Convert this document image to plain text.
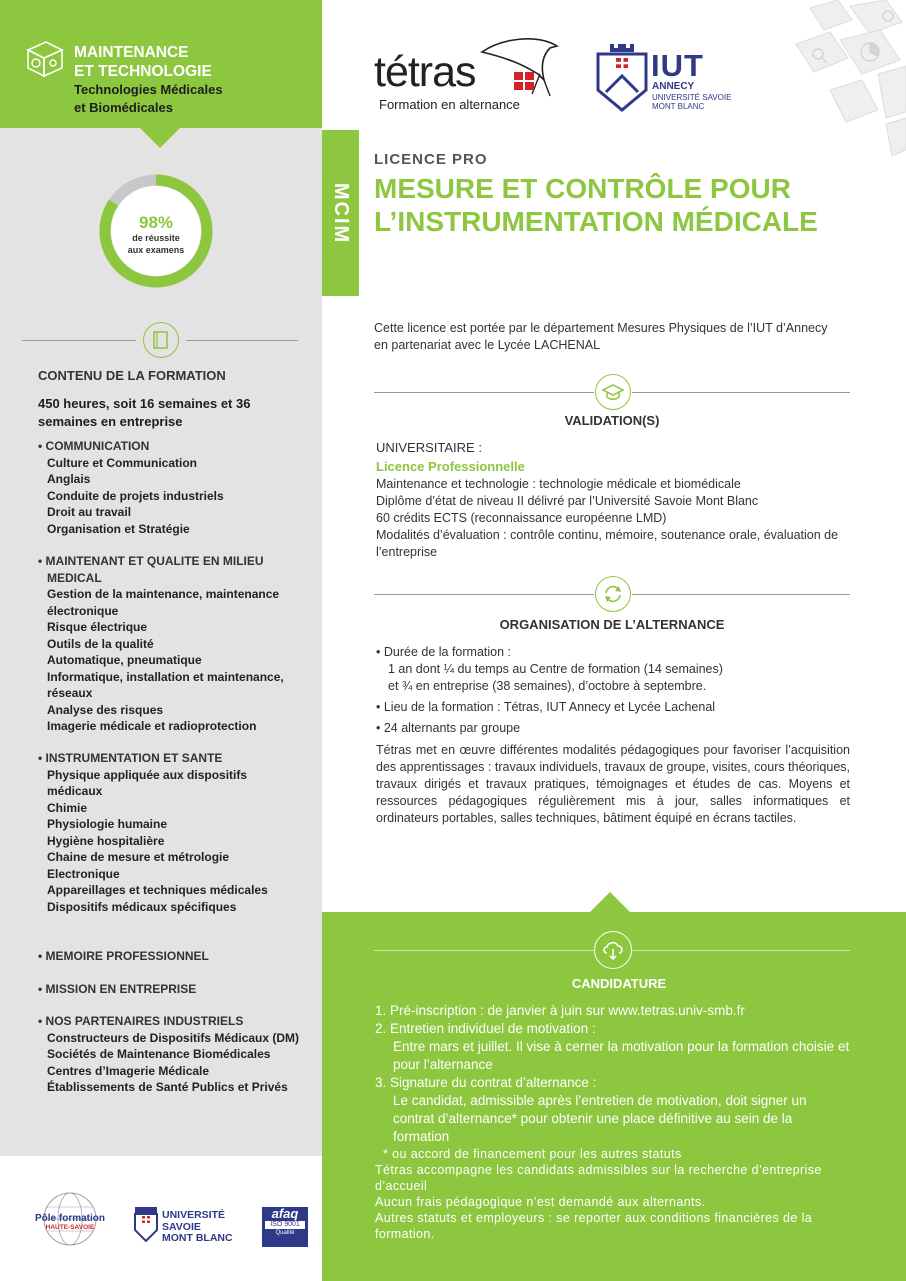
MAINTENANCE
ET TECHNOLOGIE
Technologies Médicales
et Biomédicales
98%
de réussite
aux examens
CONTENU DE LA FORMATION
450 heures, soit 16 semaines et 36 semaines en entreprise
• COMMUNICATION
Culture et Communication
Anglais
Conduite de projets industriels
Droit au travail
Organisation et Stratégie
• MAINTENANT ET QUALITE EN MILIEU MEDICAL
Gestion de la maintenance, maintenance électronique
Risque électrique
Outils de la qualité
Automatique, pneumatique
Informatique, installation et maintenance, réseaux
Analyse des risques
Imagerie médicale et radioprotection
• INSTRUMENTATION ET SANTE
Physique appliquée aux dispositifs médicaux
Chimie
Physiologie humaine
Hygiène hospitalière
Chaine de mesure et métrologie Electronique
Appareillages et techniques médicales
Dispositifs médicaux spécifiques
• MEMOIRE PROFESSIONNEL
• MISSION EN ENTREPRISE
• NOS PARTENAIRES INDUSTRIELS
Constructeurs de Dispositifs Médicaux (DM)
Sociétés de Maintenance Biomédicales
Centres d’Imagerie Médicale
Établissements de Santé Publics et Privés
Pôle formation
HAUTE-SAVOIE
UNIVERSITÉ
SAVOIE
MONT BLANC
afaq
ISO 9001
Qualité
tétras
Formation en alternance
IUT
ANNECY
UNIVERSITÉ SAVOIE
MONT BLANC
MCIM
LICENCE PRO
MESURE ET CONTRÔLE POUR L’INSTRUMENTATION MÉDICALE
Cette licence est portée par le département Mesures Physiques de l’IUT d’Annecy en partenariat avec le Lycée LACHENAL
VALIDATION(S)
UNIVERSITAIRE :
Licence Professionnelle
Maintenance et technologie : technologie médicale et biomédicale
Diplôme d’état de niveau II délivré par l’Université Savoie Mont Blanc
60 crédits ECTS (reconnaissance européenne LMD)
Modalités d’évaluation : contrôle continu, mémoire, soutenance orale, évaluation de l’entreprise
ORGANISATION DE L’ALTERNANCE
• Durée de la formation :
1 an dont ¼ du temps au Centre de formation (14 semaines)
et ¾ en entreprise (38 semaines), d’octobre à septembre.
• Lieu de la formation : Tétras, IUT Annecy et Lycée Lachenal
• 24 alternants par groupe
Tétras met en œuvre différentes modalités pédagogiques pour favoriser l’acquisition des apprentissages : travaux individuels, travaux de groupe, visites, cours théoriques, travaux dirigés et travaux pratiques, témoignages et études de cas. Moyens et ressources pédagogiques régulièrement mis à jour, salles informatiques et ordinateurs portables, salles techniques, bâtiment équipé en écrans tactiles.
CANDIDATURE
1. Pré-inscription : de janvier à juin sur www.tetras.univ-smb.fr
2. Entretien individuel de motivation :
Entre mars et juillet. Il vise à cerner la motivation pour la formation choisie et pour l’alternance
3. Signature du contrat d’alternance :
Le candidat, admissible après l’entretien de motivation, doit signer un contrat d’alternance* pour obtenir une place définitive au sein de la formation
* ou accord de financement pour les autres statuts
Tétras accompagne les candidats admissibles sur la recherche d’entreprise d’accueil
Aucun frais pédagogique n’est demandé aux alternants.
Autres statuts et employeurs : se reporter aux conditions financières de la formation.
